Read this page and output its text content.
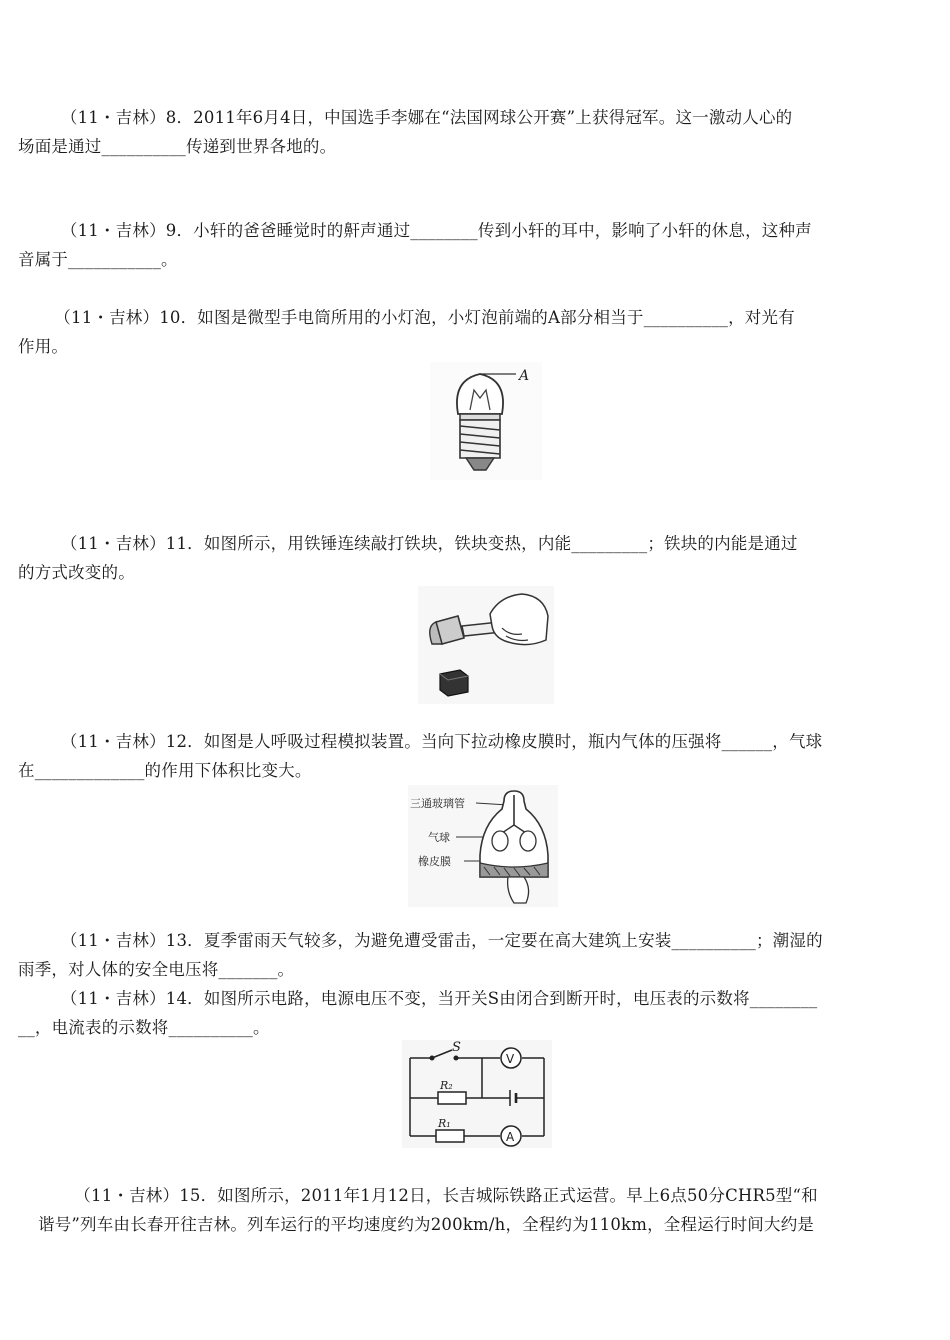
（11・吉林）8．2011年6月4日，中国选手李娜在“法国网球公开赛”上获得冠军。这一激动人心的

场面是通过__________传递到世界各地的。

（11・吉林）9．小轩的爸爸睡觉时的鼾声通过________传到小轩的耳中，影响了小轩的休息，这种声

音属于___________。

（11・吉林）10．如图是微型手电筒所用的小灯泡，小灯泡前端的A部分相当于__________，对光有

作用。

A

（11・吉林）11．如图所示，用铁锤连续敲打铁块，铁块变热，内能_________；铁块的内能是通过

的方式改变的。

（11・吉林）12．如图是人呼吸过程模拟装置。当向下拉动橡皮膜时，瓶内气体的压强将______，气球

在_____________的作用下体积比变大。

三通玻璃管
气球
橡皮膜

（11・吉林）13．夏季雷雨天气较多，为避免遭受雷击，一定要在高大建筑上安装__________；潮湿的

雨季，对人体的安全电压将_______。

（11・吉林）14．如图所示电路，电源电压不变，当开关S由闭合到断开时，电压表的示数将________

__，电流表的示数将__________。

V
A
S
R₂
R₁

（11・吉林）15．如图所示，2011年1月12日，长吉城际铁路正式运营。早上6点50分CHR5型“和

谐号”列车由长春开往吉林。列车运行的平均速度约为200km/h，全程约为110km，全程运行时间大约是
